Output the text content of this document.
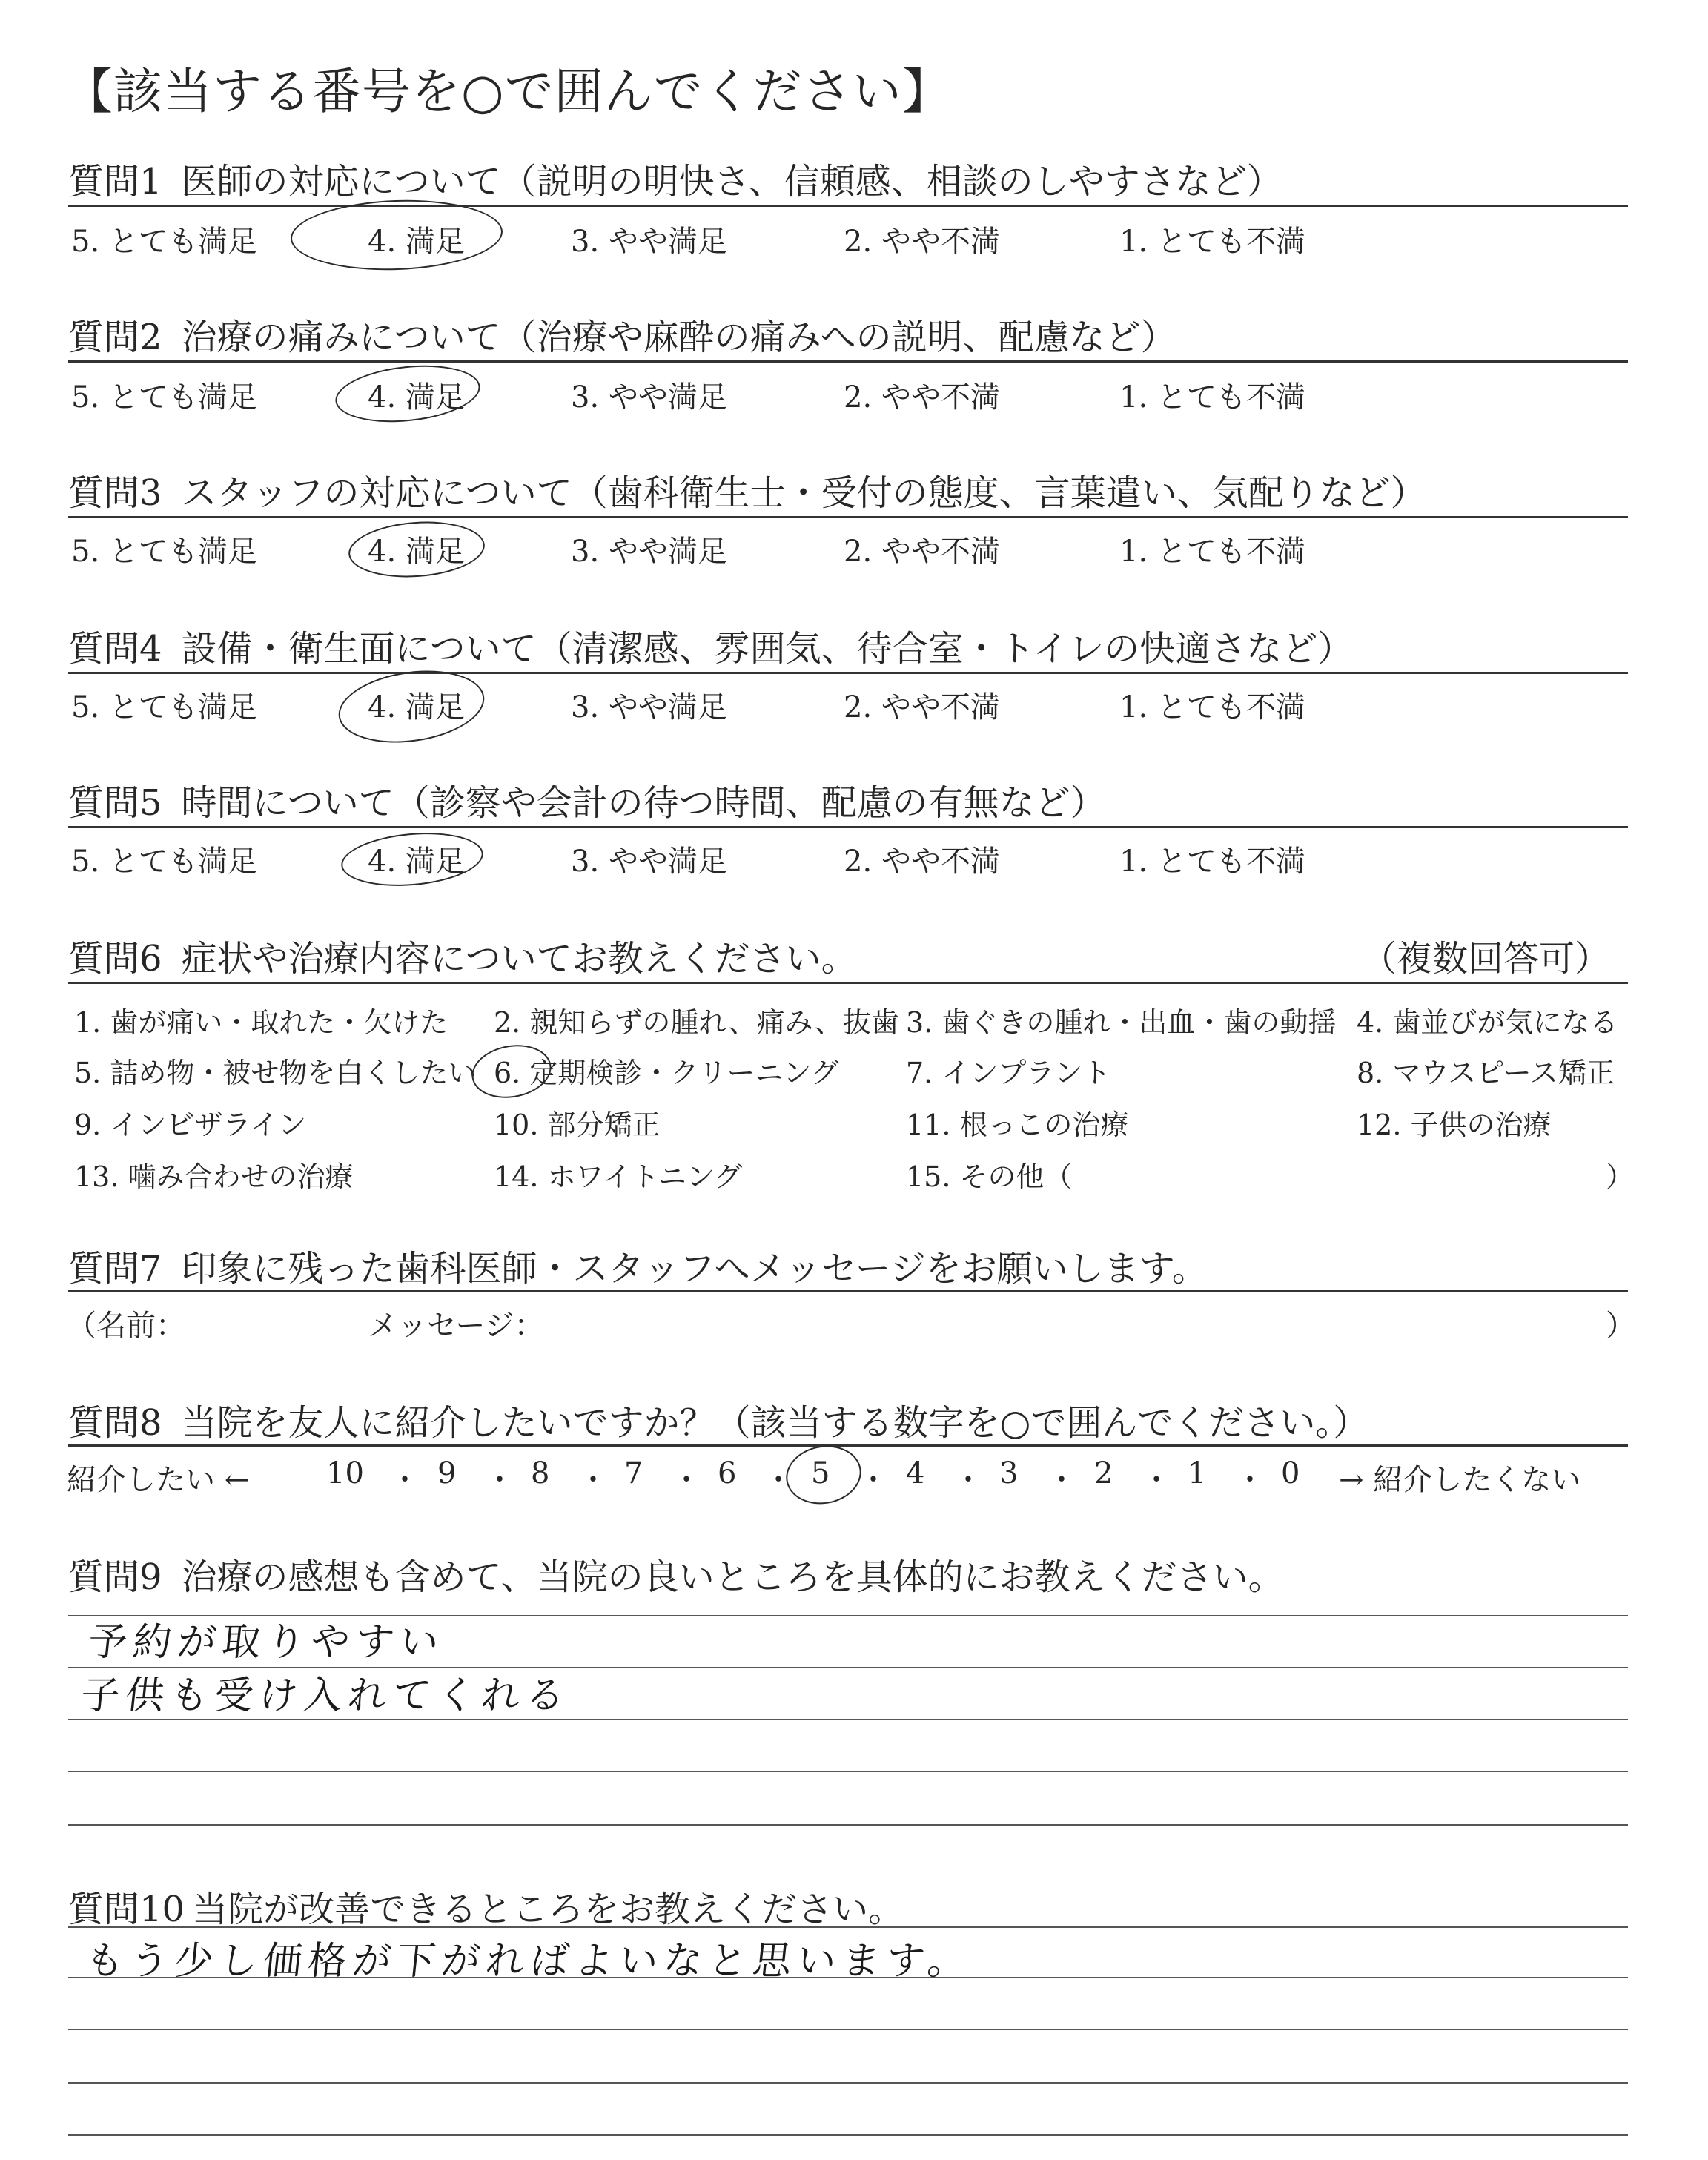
【該当する番号を○で囲んでください】
質問1 医師の対応について（説明の明快さ、信頼感、相談のしやすさなど）
5. とても満足	4. 満足	3. やや満足	2. やや不満	1. とても不満
質問2 治療の痛みについて（治療や麻酔の痛みへの説明、配慮など）
5. とても満足	4. 満足	3. やや満足	2. やや不満	1. とても不満
質問3 スタッフの対応について（歯科衛生士・受付の態度、言葉遣い、気配りなど）
5. とても満足	4. 満足	3. やや満足	2. やや不満	1. とても不満
質問4 設備・衛生面について（清潔感、雰囲気、待合室・トイレの快適さなど）
5. とても満足	4. 満足	3. やや満足	2. やや不満	1. とても不満
質問5 時間について（診察や会計の待つ時間、配慮の有無など）
5. とても満足	4. 満足	3. やや満足	2. やや不満	1. とても不満
質問6 症状や治療内容についてお教えください。	（複数回答可）
1. 歯が痛い・取れた・欠けた 2. 親知らずの腫れ、痛み、抜歯 3. 歯ぐきの腫れ・出血・歯の動揺 4. 歯並びが気になる
5. 詰め物・被せ物を白くしたい 6. 定期検診・クリーニング 7. インプラント	8. マウスピース矯正
9. インビザライン	10. 部分矯正	11. 根っこの治療	12. 子供の治療
13. 噛み合わせの治療	14. ホワイトニング	15. その他（	）
質問7 印象に残った歯科医師・スタッフへメッセージをお願いします。
（名前：	メッセージ：	）
質問8 当院を友人に紹介したいですか？（該当する数字を○で囲んでください。）
紹介したい ←	→ 紹介したくない
10 ・ 9 ・ 8 ・ 7 ・ 6 ・ 5 ・ 4 ・ 3 ・ 2 ・ 1 ・ 0
質問9 治療の感想も含めて、当院の良いところを具体的にお教えください。
予約が取りやすい
子供も受け入れてくれる
質問10 当院が改善できるところをお教えください。
もう少し価格が下がればよいなと思います。
